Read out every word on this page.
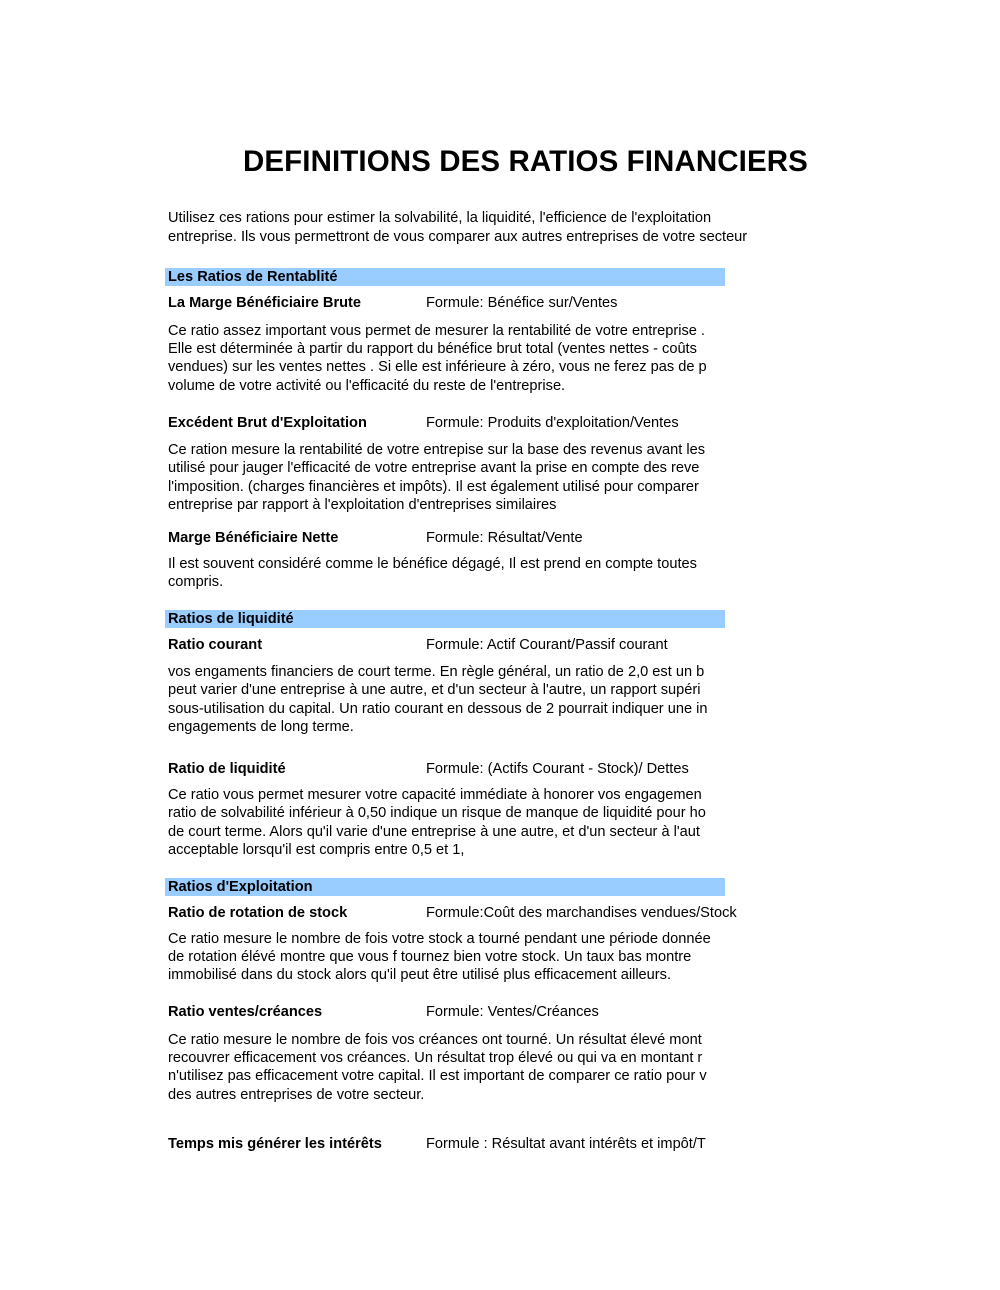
DEFINITIONS DES RATIOS FINANCIERS
Utilisez ces rations pour estimer la solvabilité, la liquidité, l'efficience de l'exploitation
entreprise. Ils vous permettront de vous comparer aux autres entreprises de votre secteur
Les Ratios de Rentablité
La Marge Bénéficiaire Brute	Formule: Bénéfice sur/Ventes
Ce ratio assez important vous permet de mesurer la rentabilité de votre entreprise .
Elle est déterminée à partir du rapport du bénéfice brut total (ventes nettes - coûts
vendues) sur les ventes nettes . Si elle est inférieure à zéro, vous ne ferez pas de p
volume de votre activité ou l'efficacité du reste de l'entreprise.
Excédent Brut d'Exploitation	Formule: Produits d'exploitation/Ventes
Ce ration mesure la rentabilité de votre entrepise sur la base des revenus avant les
utilisé pour jauger l'efficacité de votre entreprise avant la prise en compte des reve
l'imposition. (charges financières et impôts). Il est également utilisé pour comparer
entreprise par rapport à l'exploitation d'entreprises similaires
Marge Bénéficiaire Nette	Formule: Résultat/Vente
Il est souvent considéré comme le bénéfice dégagé, Il est prend en compte toutes
compris.
Ratios de liquidité
Ratio courant	Formule: Actif Courant/Passif courant
vos engaments financiers de court terme. En règle général, un ratio de 2,0 est un b
peut varier d'une entreprise à une autre, et d'un secteur à l'autre, un rapport supéri
sous-utilisation du capital. Un ratio courant en dessous de 2 pourrait indiquer une in
engagements de long terme.
Ratio de liquidité	Formule: (Actifs Courant - Stock)/ Dettes
Ce ratio vous permet mesurer votre capacité immédiate à honorer vos engagemen
ratio de solvabilité inférieur à 0,50 indique un risque de manque de liquidité pour ho
de court terme. Alors qu'il varie d'une entreprise à une autre, et d'un secteur à l'aut
acceptable lorsqu'il est compris entre 0,5 et 1,
Ratios d'Exploitation
Ratio de rotation de stock	Formule:Coût des marchandises vendues/Stock
Ce ratio mesure le nombre de fois votre stock a tourné pendant une période donnée
de rotation élévé montre que vous f tournez bien votre stock. Un taux bas montre
immobilisé dans du stock alors qu'il peut être utilisé plus efficacement ailleurs.
Ratio ventes/créances	Formule: Ventes/Créances
Ce ratio mesure le nombre de fois vos créances ont tourné. Un résultat élevé mont
recouvrer efficacement vos créances. Un résultat trop élevé ou qui va en montant r
n'utilisez pas efficacement votre capital. Il est important de comparer ce ratio pour v
des autres entreprises de votre secteur.
Temps mis générer les intérêts	Formule : Résultat avant intérêts et impôt/T
